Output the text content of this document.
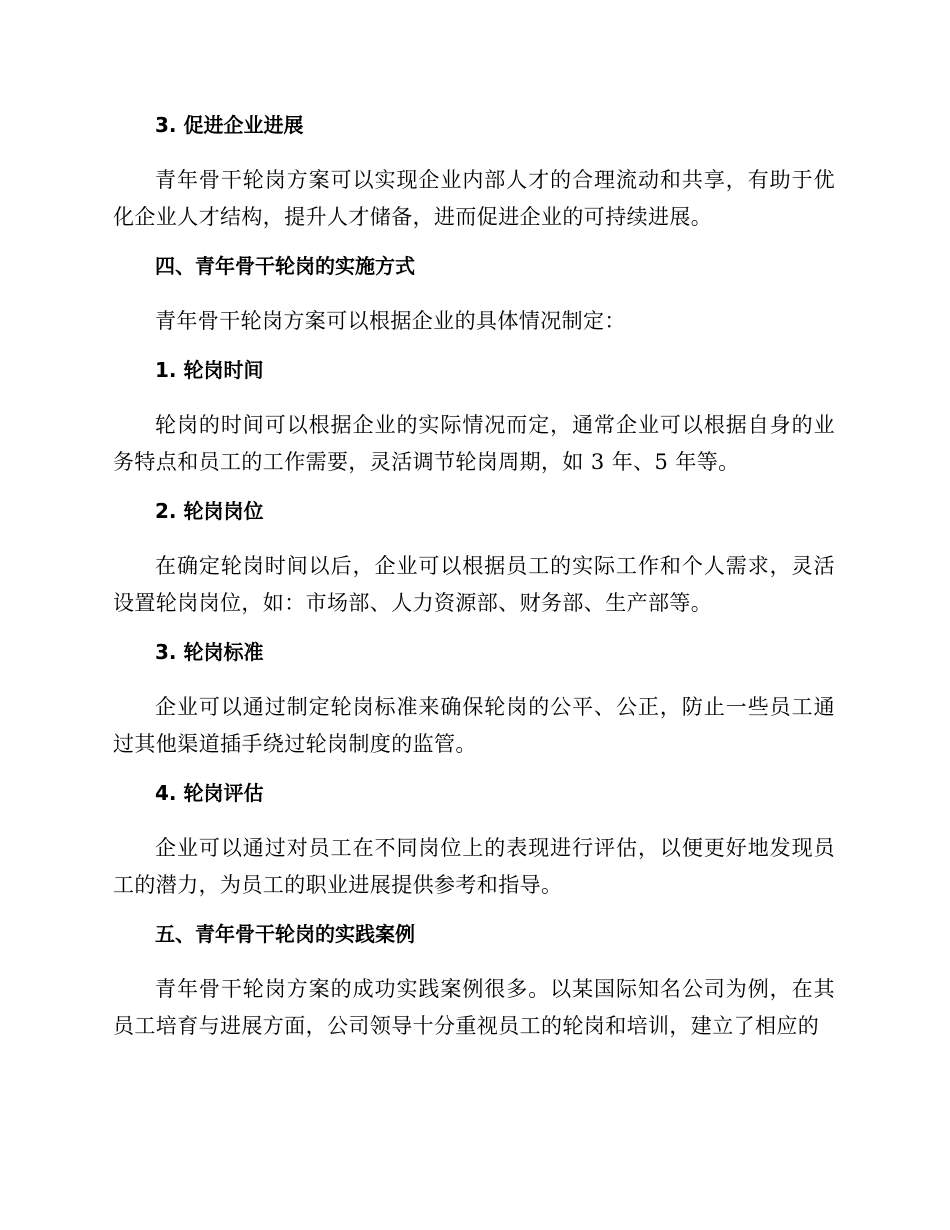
3. 促进企业进展

青年骨干轮岗方案可以实现企业内部人才的合理流动和共享，有助于优化企业人才结构，提升人才储备，进而促进企业的可持续进展。

四、青年骨干轮岗的实施方式

青年骨干轮岗方案可以根据企业的具体情况制定：

1. 轮岗时间

轮岗的时间可以根据企业的实际情况而定，通常企业可以根据自身的业务特点和员工的工作需要，灵活调节轮岗周期，如 3 年、5 年等。

2. 轮岗岗位

在确定轮岗时间以后，企业可以根据员工的实际工作和个人需求，灵活设置轮岗岗位，如：市场部、人力资源部、财务部、生产部等。

3. 轮岗标准

企业可以通过制定轮岗标准来确保轮岗的公平、公正，防止一些员工通过其他渠道插手绕过轮岗制度的监管。

4. 轮岗评估

企业可以通过对员工在不同岗位上的表现进行评估，以便更好地发现员工的潜力，为员工的职业进展提供参考和指导。

五、青年骨干轮岗的实践案例

青年骨干轮岗方案的成功实践案例很多。以某国际知名公司为例，在其员工培育与进展方面，公司领导十分重视员工的轮岗和培训，建立了相应的
